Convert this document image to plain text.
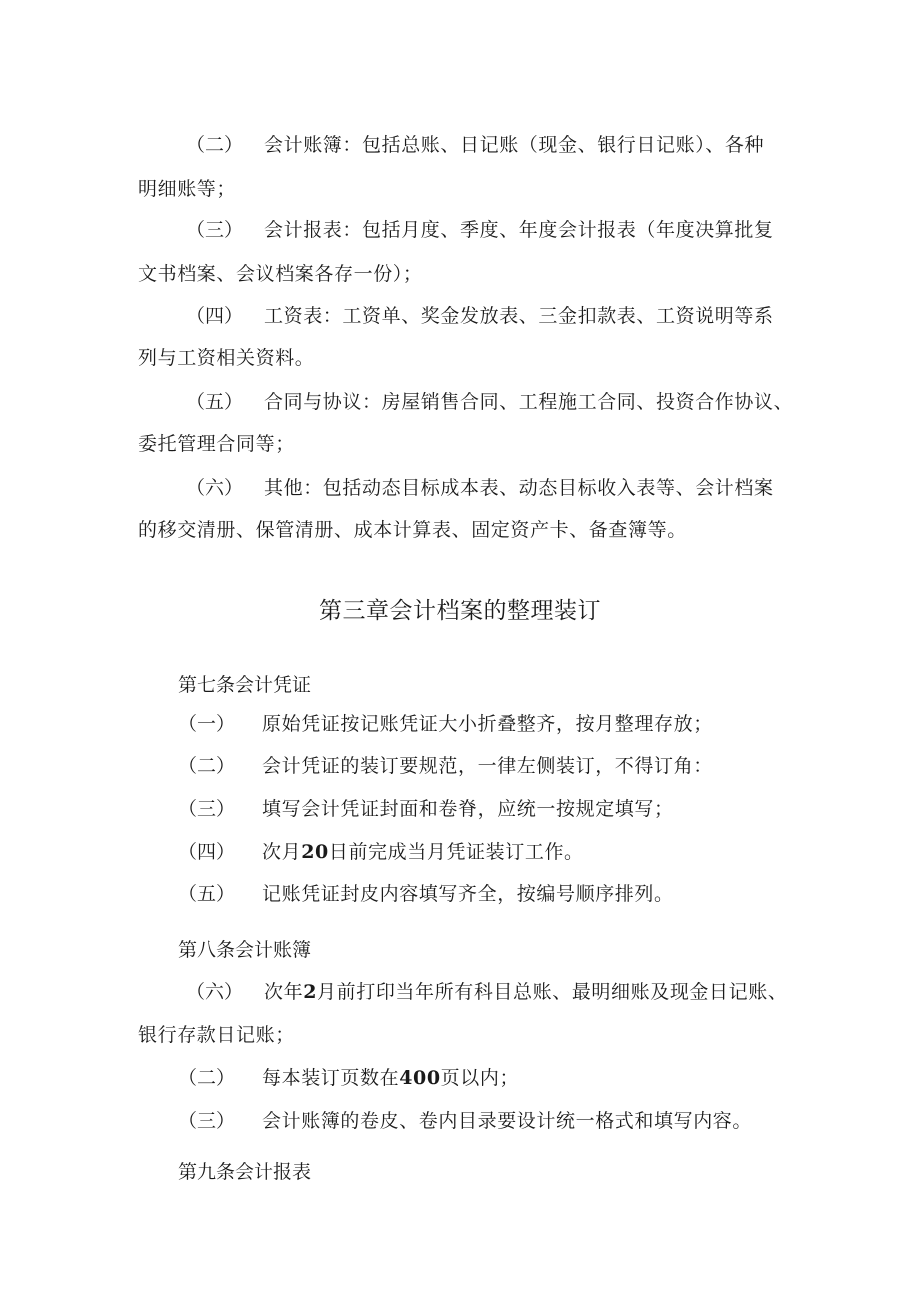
（二） 会计账簿：包括总账、日记账（现金、银行日记账）、各种
明细账等；
（三） 会计报表：包括月度、季度、年度会计报表（年度决算批复
文书档案、会议档案各存一份）；
（四） 工资表：工资单、奖金发放表、三金扣款表、工资说明等系
列与工资相关资料。
（五） 合同与协议：房屋销售合同、工程施工合同、投资合作协议、
委托管理合同等；
（六） 其他：包括动态目标成本表、动态目标收入表等、会计档案
的移交清册、保管清册、成本计算表、固定资产卡、备查簿等。
第三章会计档案的整理装订
第七条会计凭证
（一） 原始凭证按记账凭证大小折叠整齐，按月整理存放；
（二） 会计凭证的装订要规范，一律左侧装订，不得订角：
（三） 填写会计凭证封面和卷脊，应统一按规定填写；
（四） 次月20日前完成当月凭证装订工作。
（五） 记账凭证封皮内容填写齐全，按编号顺序排列。
第八条会计账簿
（六） 次年2月前打印当年所有科目总账、最明细账及现金日记账、
银行存款日记账；
（二） 每本装订页数在400页以内；
（三） 会计账簿的卷皮、卷内目录要设计统一格式和填写内容。
第九条会计报表
